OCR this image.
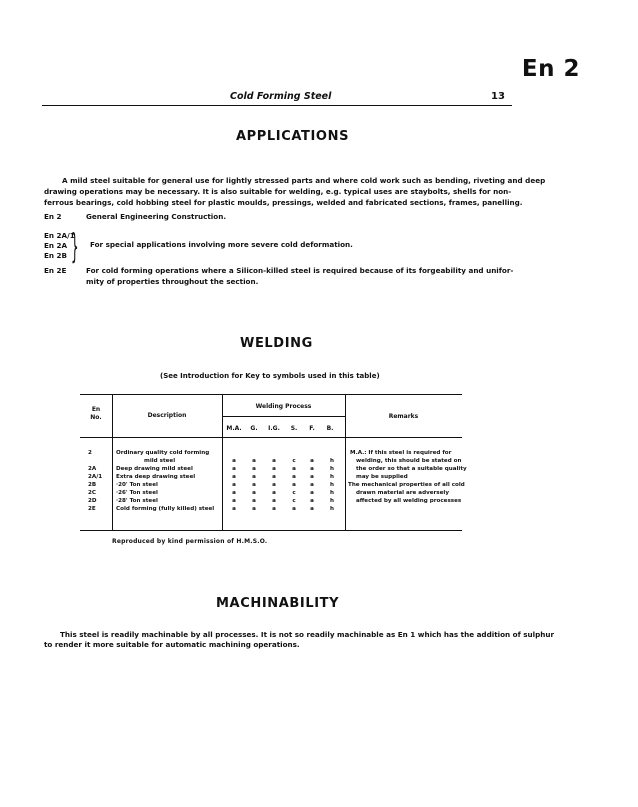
En 2
Cold Forming Steel	13
APPLICATIONS
A mild steel suitable for general use for lightly stressed parts and where cold work such as bending, riveting and deep
drawing operations may be necessary. It is also suitable for welding, e.g. typical uses are staybolts, shells for non-
ferrous bearings, cold hobbing steel for plastic moulds, pressings, welded and fabricated sections, frames, panelling.
En 2	General Engineering Construction.
En 2A/1
En 2A
En 2B } For special applications involving more severe cold deformation.
En 2E	For cold forming operations where a Silicon-killed steel is required because of its forgeability and unifor-
mity of properties throughout the section.
WELDING
(See Introduction for Key to symbols used in this table)
En
No.	Description
Welding Process
Remarks
M.A.	G.	I.G.	S.	F.	B.
2	Ordinary quality cold forming
mild steel	a	a	a	c	a	h
2A	Deep drawing mild steel	a	a	a	a	a	h
2A/1 Extra deep drawing steel	a	a	a	a	a	h
2B	·20' Ton steel	a	a	a	a	a	h
2C	·26' Ton steel	a	a	a	c	a	h
2D	·28' Ton steel	a	a	a	c	a	h
2E	Cold forming (fully killed) steel	a	a	a	a	a	h
M.A.: If this steel is required for
welding, this should be stated on
the order so that a suitable quality
may be supplied
The mechanical properties of all cold
drawn material are adversely
affected by all welding processes
Reproduced by kind permission of H.M.S.O.
MACHINABILITY
This steel is readily machinable by all processes. It is not so readily machinable as En 1 which has the addition of sulphur
to render it more suitable for automatic machining operations.
